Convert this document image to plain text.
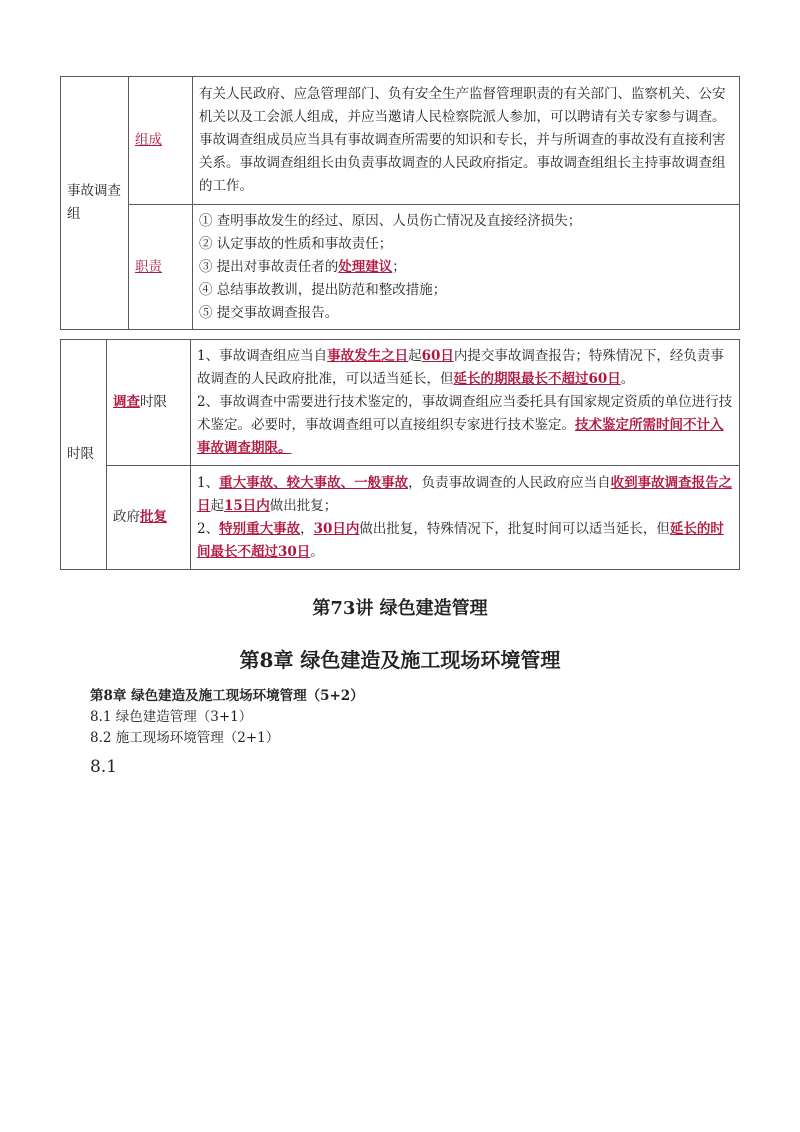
事故调查组	组成	有关人民政府、应急管理部门、负有安全生产监督管理职责的有关部门、监察机关、公安机关以及工会派人组成，并应当邀请人民检察院派人参加，可以聘请有关专家参与调查。 事故调查组成员应当具有事故调查所需要的知识和专长，并与所调查的事故没有直接利害关系。事故调查组组长由负责事故调查的人民政府指定。事故调查组组长主持事故调查组的工作。
	职责	① 查明事故发生的经过、原因、人员伤亡情况及直接经济损失；
② 认定事故的性质和事故责任；
③ 提出对事故责任者的处理建议；
④ 总结事故教训，提出防范和整改措施；
⑤ 提交事故调查报告。
时限	调查时限	1、事故调查组应当自事故发生之日起60日内提交事故调查报告；特殊情况下，经负责事故调查的人民政府批准，可以适当延长，但延长的期限最长不超过60日。
2、事故调查中需要进行技术鉴定的，事故调查组应当委托具有国家规定资质的单位进行技术鉴定。必要时，事故调查组可以直接组织专家进行技术鉴定。技术鉴定所需时间不计入事故调查期限。
	政府批复	1、重大事故、较大事故、一般事故，负责事故调查的人民政府应当自收到事故调查报告之日起15日内做出批复；
2、特别重大事故，30日内做出批复，特殊情况下，批复时间可以适当延长，但延长的时间最长不超过30日。
第73讲 绿色建造管理
第8章 绿色建造及施工现场环境管理
第8章 绿色建造及施工现场环境管理（5+2）
8.1 绿色建造管理（3+1）
8.2 施工现场环境管理（2+1）
8.1
